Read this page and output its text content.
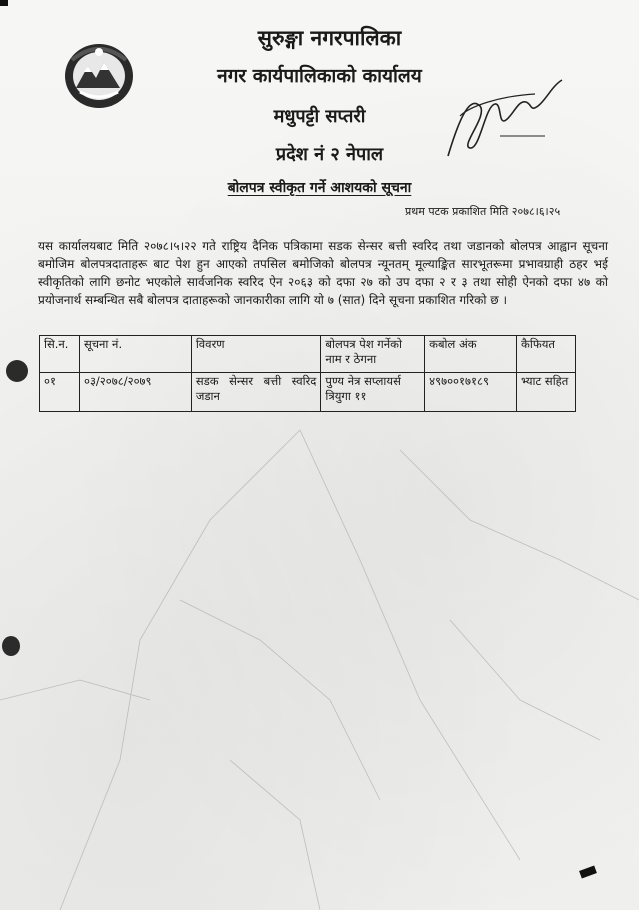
सुरुङ्गा नगरपालिका
नगर कार्यपालिकाको कार्यालय
मधुपट्टी सप्तरी
प्रदेश नं २ नेपाल
बोलपत्र स्वीकृत गर्ने आशयको सूचना
प्रथम पटक प्रकाशित मिति २०७८।६।२५
यस कार्यालयबाट मिति २०७८।५।२२ गते राष्ट्रिय दैनिक पत्रिकामा सडक सेन्सर बत्ती स्वरिद तथा जडानको बोलपत्र आह्वान सूचना बमोजिम बोलपत्रदाताहरू बाट पेश हुन आएको तपसिल बमोजिको बोलपत्र न्यूनतम् मूल्याङ्कित सारभूतरूमा प्रभावग्राही ठहर भई स्वीकृतिको लागि छनोट भएकोले सार्वजनिक स्वरिद ऐन २०६३ को दफा २७ को उप दफा २ र ३ तथा सोही ऐनको दफा ४७ को प्रयोजनार्थ सम्बन्धित सबै बोलपत्र दाताहरूको जानकारीका लागि यो ७ (सात) दिने सूचना प्रकाशित गरिको छ ।
सि.न.	सूचना नं.	विवरण	बोलपत्र पेश गर्नेको नाम र ठेगना	कबोल अंक	कैफियत
०१	०३/२०७८/२०७९	सडक सेन्सर बत्ती स्वरिद जडान	पुण्य नेत्र सप्लायर्स त्रियुगा ११	४९७००१७१८९	भ्याट सहित
